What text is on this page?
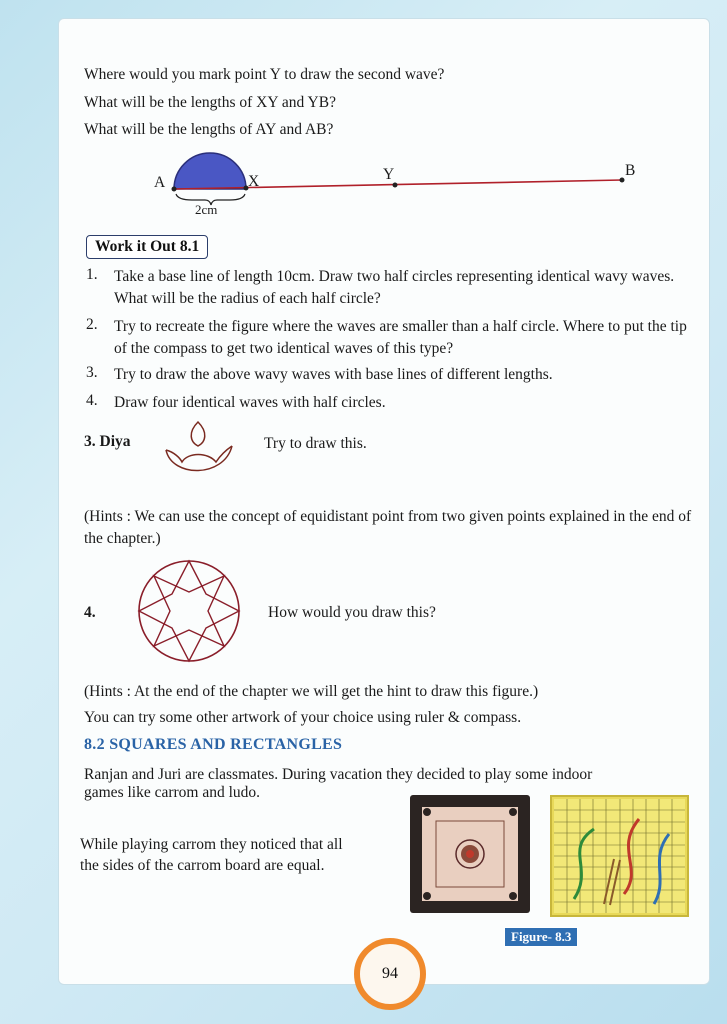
Where would you mark point Y to draw the second wave?
What will be the lengths of XY and YB?
What will be the lengths of AY and AB?
A	X	Y	B
2cm
Work it Out 8.1
1. Take a base line of length 10cm. Draw two half circles representing identical wavy waves. What will be the radius of each half circle?
2. Try to recreate the figure where the waves are smaller than a half circle. Where to put the tip of the compass to get two identical waves of this type?
3. Try to draw the above wavy waves with base lines of different lengths.
4. Draw four identical waves with half circles.
3. Diya	Try to draw this.
(Hints : We can use the concept of equidistant point from two given points explained in the end of the chapter.)
4.	How would you draw this?
(Hints : At the end of the chapter we will get the hint to draw this figure.)
You can try some other artwork of your choice using ruler & compass.
8.2 SQUARES AND RECTANGLES
Ranjan and Juri are classmates. During vacation they decided to play some indoor
games like carrom and ludo.
While playing carrom they noticed that all
the sides of the carrom board are equal.
Figure- 8.3
94
